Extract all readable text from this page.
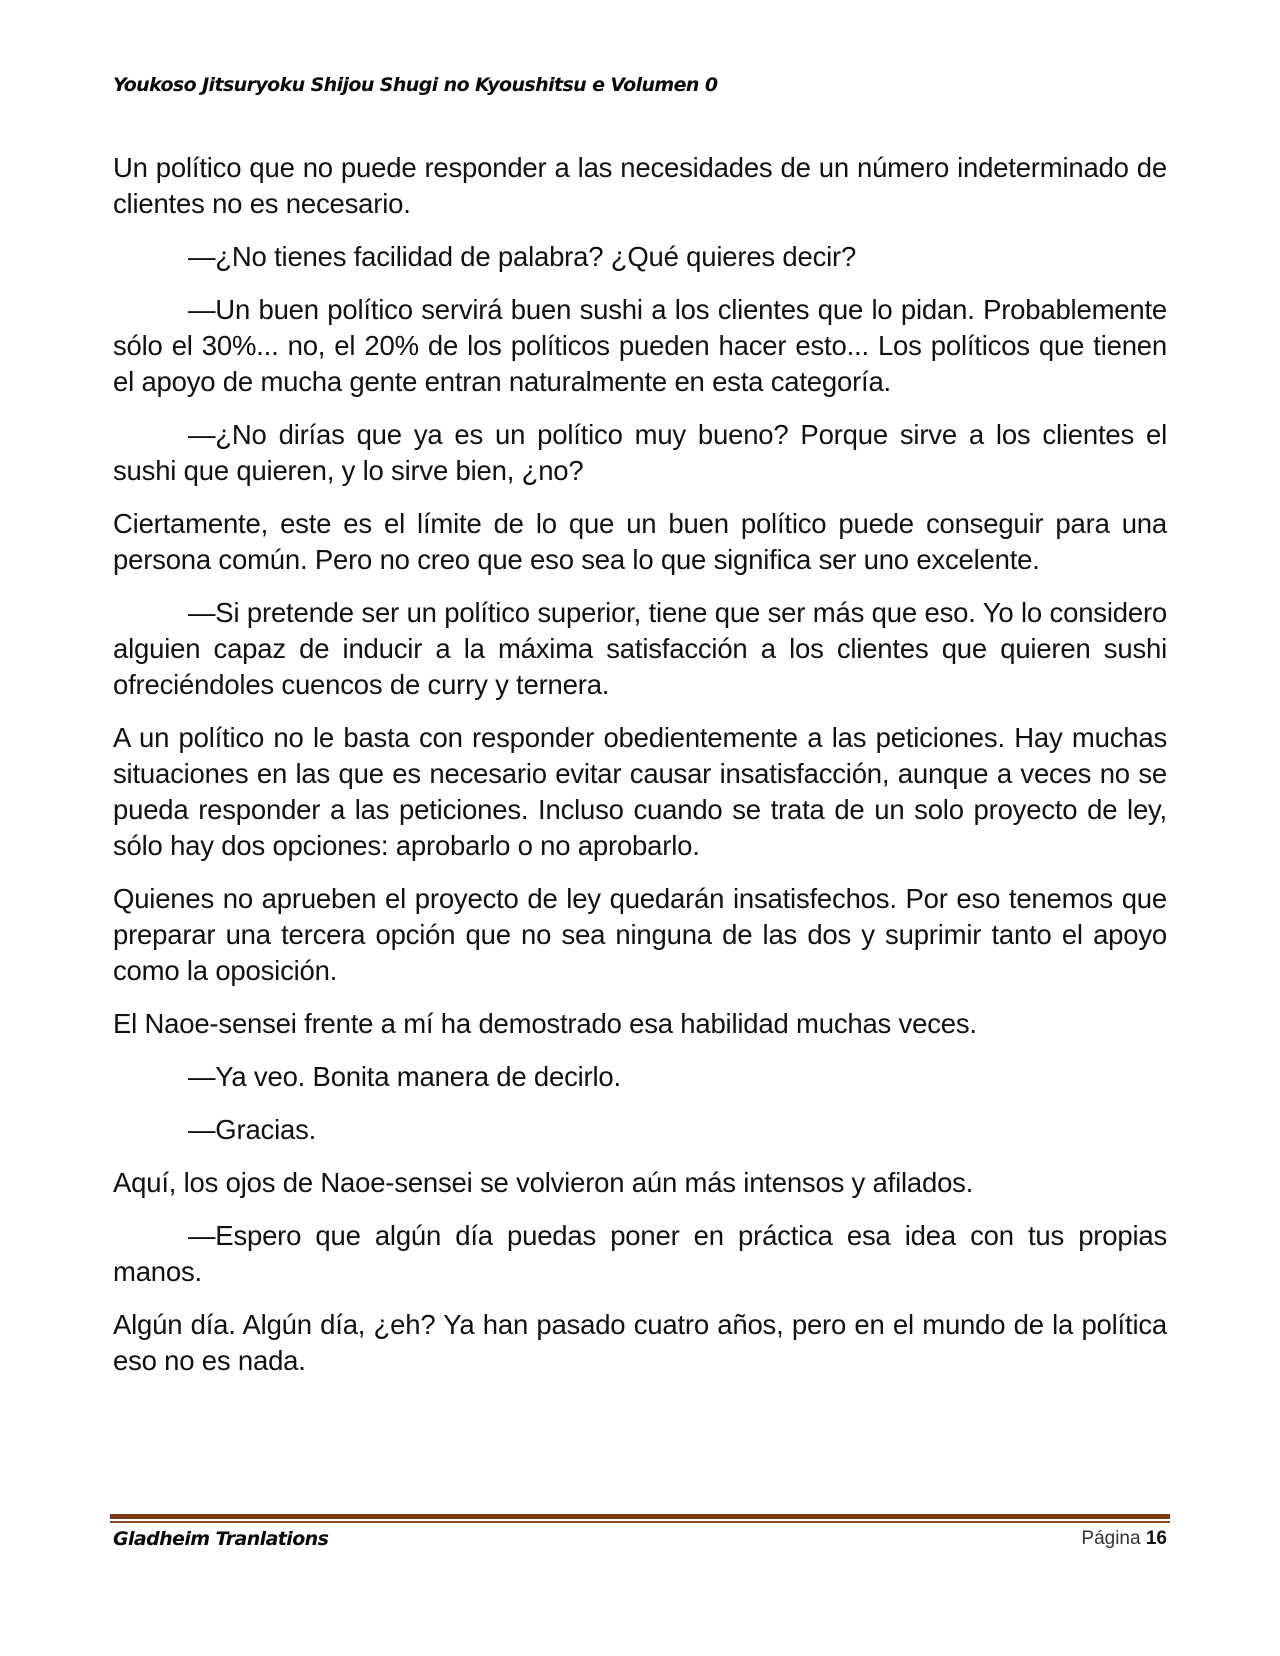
Youkoso Jitsuryoku Shijou Shugi no Kyoushitsu e Volumen 0

Un político que no puede responder a las necesidades de un número indeterminado de clientes no es necesario.

—¿No tienes facilidad de palabra? ¿Qué quieres decir?

—Un buen político servirá buen sushi a los clientes que lo pidan. Probablemente sólo el 30%... no, el 20% de los políticos pueden hacer esto... Los políticos que tienen el apoyo de mucha gente entran naturalmente en esta categoría.

—¿No dirías que ya es un político muy bueno? Porque sirve a los clientes el sushi que quieren, y lo sirve bien, ¿no?

Ciertamente, este es el límite de lo que un buen político puede conseguir para una persona común. Pero no creo que eso sea lo que significa ser uno excelente.

—Si pretende ser un político superior, tiene que ser más que eso. Yo lo considero alguien capaz de inducir a la máxima satisfacción a los clientes que quieren sushi ofreciéndoles cuencos de curry y ternera.

A un político no le basta con responder obedientemente a las peticiones. Hay muchas situaciones en las que es necesario evitar causar insatisfacción, aunque a veces no se pueda responder a las peticiones. Incluso cuando se trata de un solo proyecto de ley, sólo hay dos opciones: aprobarlo o no aprobarlo.

Quienes no aprueben el proyecto de ley quedarán insatisfechos. Por eso tenemos que preparar una tercera opción que no sea ninguna de las dos y suprimir tanto el apoyo como la oposición.

El Naoe-sensei frente a mí ha demostrado esa habilidad muchas veces.

—Ya veo. Bonita manera de decirlo.

—Gracias.

Aquí, los ojos de Naoe-sensei se volvieron aún más intensos y afilados.

—Espero que algún día puedas poner en práctica esa idea con tus propias manos.

Algún día. Algún día, ¿eh? Ya han pasado cuatro años, pero en el mundo de la política eso no es nada.

Gladheim Tranlations	Página 16
